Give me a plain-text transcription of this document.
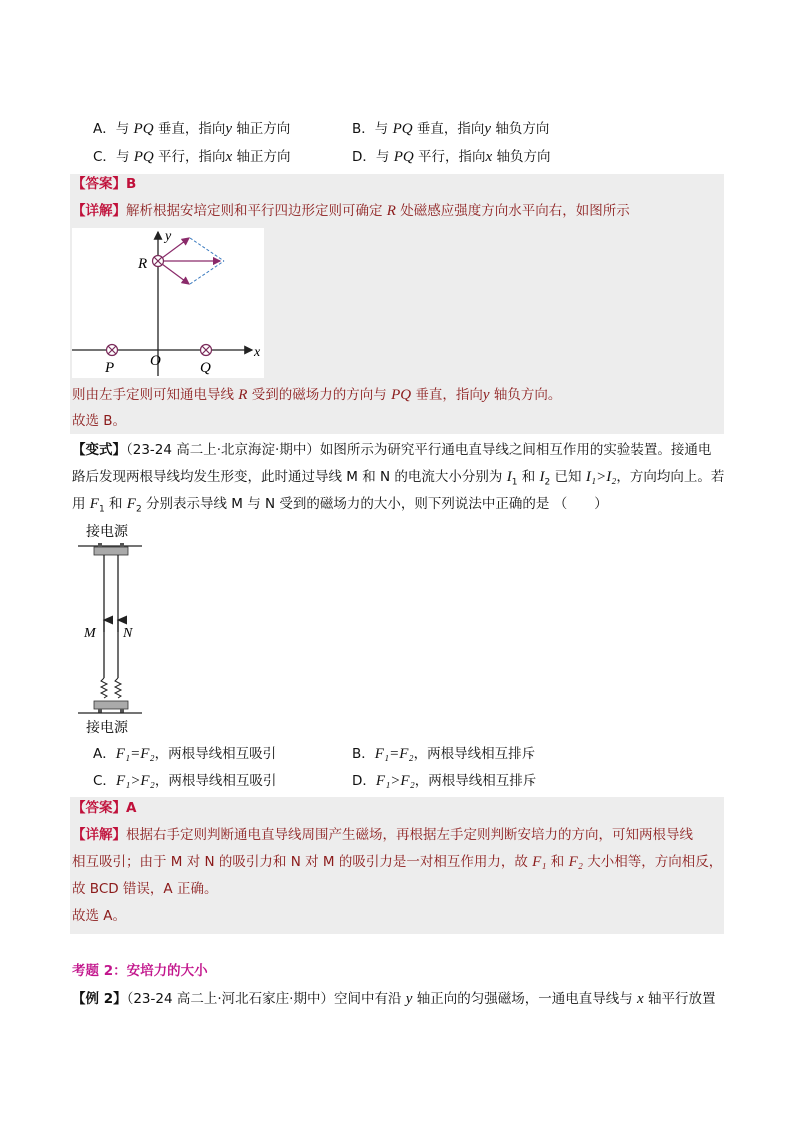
A．与 PQ 垂直，指向y 轴正方向	B．与 PQ 垂直，指向y 轴负方向
C．与 PQ 平行，指向x 轴正方向	D．与 PQ 平行，指向x 轴负方向
【答案】B
【详解】解析根据安培定则和平行四边形定则可确定 R 处磁感应强度方向水平向右，如图所示
y
x
R
P	Q
O
则由左手定则可知通电导线 R 受到的磁场力的方向与 PQ 垂直，指向y 轴负方向。
故选 B。
【变式】（23-24 高二上·北京海淀·期中）如图所示为研究平行通电直导线之间相互作用的实验装置。接通电
路后发现两根导线均发生形变，此时通过导线 M 和 N 的电流大小分别为 $I_1$ 和 $I_2$ 已知 I₁>I₂，方向均向上。若
用 $F_1$ 和 $F_2$ 分别表示导线 M 与 N 受到的磁场力的大小，则下列说法中正确的是 （　　）
接电源
M N
接电源
A．F₁=F₂，两根导线相互吸引	B．F₁=F₂，两根导线相互排斥
C．F₁>F₂，两根导线相互吸引	D．F₁>F₂，两根导线相互排斥
【答案】A
【详解】根据右手定则判断通电直导线周围产生磁场，再根据左手定则判断安培力的方向，可知两根导线
相互吸引；由于 M 对 N 的吸引力和 N 对 M 的吸引力是一对相互作用力，故 F₁ 和 F₂ 大小相等，方向相反，
故 BCD 错误，A 正确。
故选 A。
考题 2：安培力的大小
【例 2】（23-24 高二上·河北石家庄·期中）空间中有沿 y 轴正向的匀强磁场，一通电直导线与 x 轴平行放置
